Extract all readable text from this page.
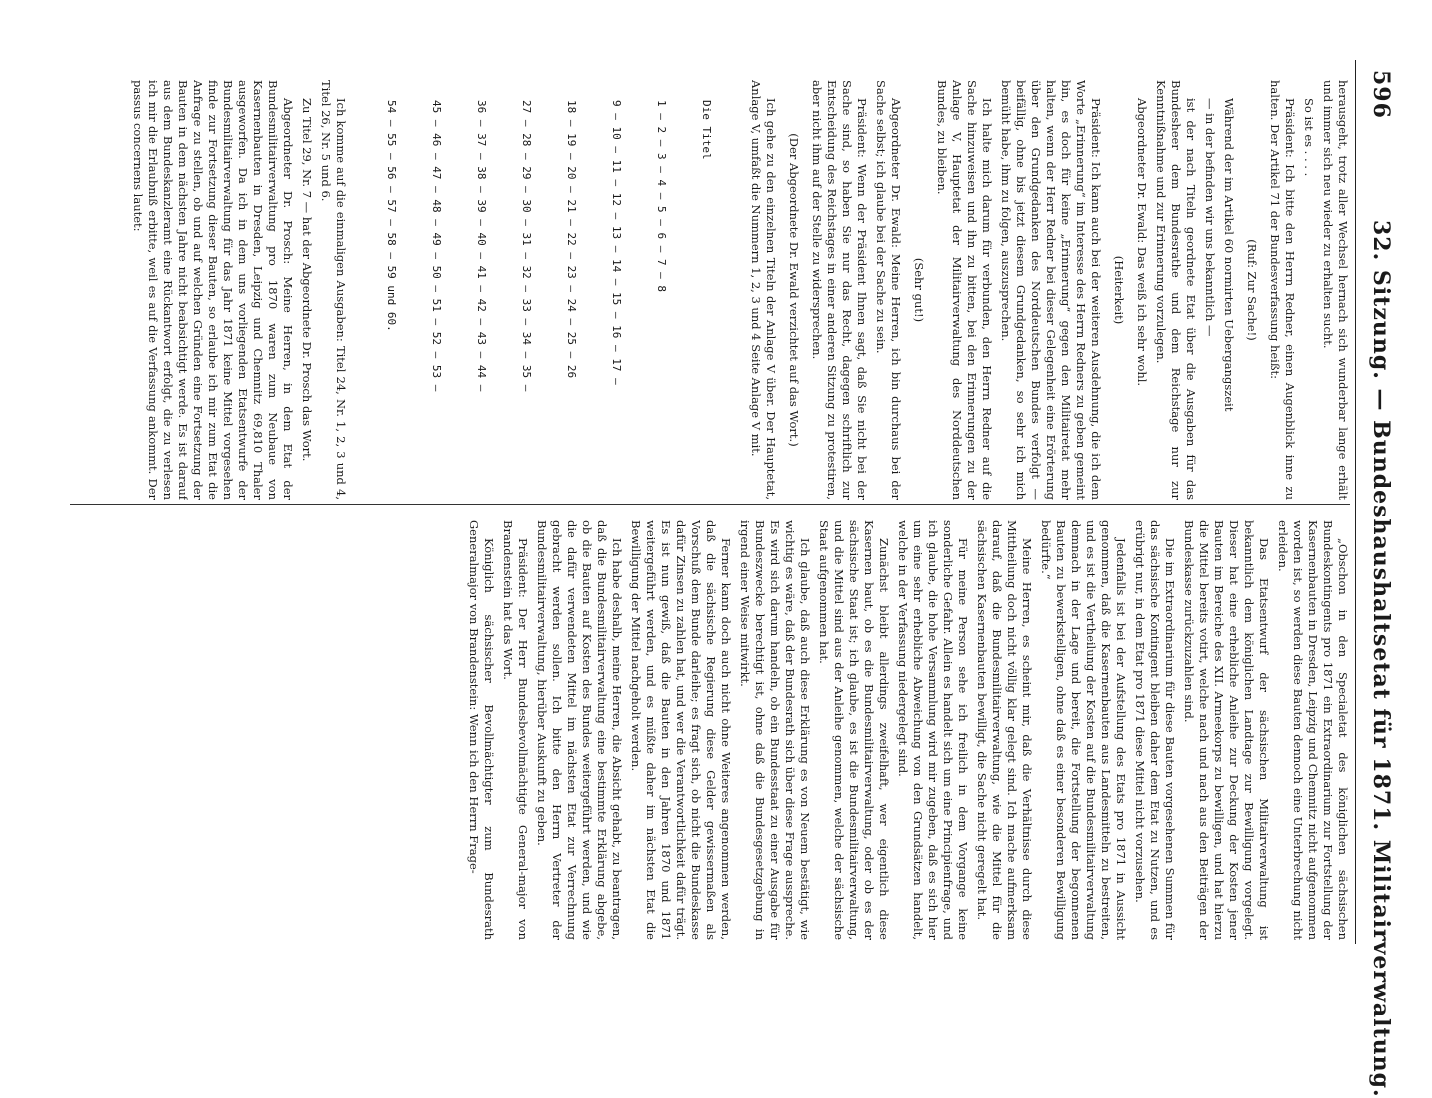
596
32. Sitzung. — Bundeshaushaltsetat für 1871. Militairverwaltung.

herausgeht, trotz aller Wechsel hernach sich wunderbar lange erhält und immer sich neu wieder zu erhalten sucht.

So ist es . . . .

Präsident: Ich bitte den Herrn Redner, einen Augenblick inne zu halten. Der Artikel 71 der Bundesverfassung heißt:

(Ruf: Zur Sache!)

Während der im Artikel 60 normirten Uebergangszeit

— in der befinden wir uns bekanntlich —

ist der nach Titeln geordnete Etat über die Ausgaben für das Bundesheer dem Bundesrathe und dem Reichstage nur zur Kenntnißnahme und zur Erinnerung vorzulegen.

Abgeordneter Dr. Ewald: Das weiß ich sehr wohl.

(Heiterkeit)

Präsident: Ich kann auch bei der weiteren Ausdehnung, die ich dem Worte „Erinnerung“ im Interesse des Herrn Redners zu geben gemeint bin, es doch für keine „Erinnerung“ gegen den Militairetat mehr halten, wenn der Herr Redner bei dieser Gelegenheit eine Erörterung über den Grundgedanken des Norddeutschen Bundes verfolgt — beifällig, ohne bis jetzt diesem Grundgedanken, so sehr ich mich bemüht habe, ihm zu folgen, auszusprechen.

Ich halte mich darum für verbunden, den Herrn Redner auf die Sache hinzuweisen und ihn zu bitten, bei den Erinnerungen zu der Anlage V, Hauptetat der Militairverwaltung des Norddeutschen Bundes, zu bleiben.

(Sehr gut!)

Abgeordneter Dr. Ewald: Meine Herren, ich bin durchaus bei der Sache selbst; ich glaube bei der Sache zu sein.

Präsident: Wenn der Präsident Ihnen sagt, daß Sie nicht bei der Sache sind, so haben Sie nur das Recht, dagegen schriftlich zur Entscheidung des Reichstages in einer anderen Sitzung zu protestiren, aber nicht ihm auf der Stelle zu widersprechen.

(Der Abgeordnete Dr. Ewald verzichtet auf das Wort.)

Ich gehe zu den einzelnen Titeln der Anlage V über. Der Hauptetat, Anlage V, umfaßt die Nummern 1, 2, 3 und 4 Seite Anlage V mit.

Die Titel

1 — 2 — 3 — 4 — 5 — 6 — 7 — 8

9 — 10 — 11 — 12 — 13 — 14 — 15 — 16 — 17 —

18 — 19 — 20 — 21 — 22 — 23 — 24 — 25 — 26

27 — 28 — 29 — 30 — 31 — 32 — 33 — 34 — 35 —

36 — 37 — 38 — 39 — 40 — 41 — 42 — 43 — 44 —

45 — 46 — 47 — 48 — 49 — 50 — 51 — 52 — 53 —

54 — 55 — 56 — 57 — 58 — 59 und 60.

Ich komme auf die einmaligen Ausgaben: Titel 24, Nr. 1, 2, 3 und 4, Titel 26, Nr. 5 und 6.

Zu Titel 29, Nr. 7 — hat der Abgeordnete Dr. Prosch das Wort.

Abgeordneter Dr. Prosch: Meine Herren, in dem Etat der Bundesmilitairverwaltung pro 1870 waren zum Neubaue von Kasernenbauten in Dresden, Leipzig und Chemnitz 69,810 Thaler ausgeworfen. Da ich in dem uns vorliegenden Etatsentwurfe der Bundesmilitairverwaltung für das Jahr 1871 keine Mittel vorgesehen finde zur Fortsetzung dieser Bauten, so erlaube ich mir zum Etat die Anfrage zu stellen, ob und auf welchen Gründen eine Fortsetzung der Bauten in dem nächsten Jahre nicht beabsichtigt werde. Es ist darauf aus dem Bundeskanzleramt eine Rückantwort erfolgt, die zu verlesen ich mir die Erlaubniß erbitte, weil es auf die Verfassung ankommt. Der passus concernens lautet:

„Obschon in den Specialetat des königlichen sächsischen Bundeskontingents pro 1871 ein Extraordinarium zur Fortstellung der Kasernenbauten in Dresden, Leipzig und Chemnitz nicht aufgenommen worden ist, so werden diese Bauten dennoch eine Unterbrechung nicht erleiden.

Das Etatsentwurf der sächsischen Militairverwaltung ist bekanntlich dem königlichen Landtage zur Bewilligung vorgelegt. Dieser hat eine erhebliche Anleihe zur Deckung der Kosten jener Bauten im Bereiche des XII. Armeekorps zu bewilligen, und hat hierzu die Mittel bereits votirt, welche nach und nach aus den Beiträgen der Bundeskasse zurückzuzahlen sind.

Die im Extraordinarium für diese Bauten vorgesehenen Summen für das sächsische Kontingent bleiben daher dem Etat zu Nutzen, und es erübrigt nur, in dem Etat pro 1871 diese Mittel nicht vorzusehen.

Jedenfalls ist bei der Aufstellung des Etats pro 1871 in Aussicht genommen, daß die Kasernenbauten aus Landesmitteln zu bestreiten, und es ist die Vertheilung der Kosten auf die Bundesmilitairverwaltung demnach in der Lage und bereit, die Fortstellung der begonnenen Bauten zu bewerkstelligen, ohne daß es einer besonderen Bewilligung bedürfte.“

Meine Herren, es scheint mir, daß die Verhältnisse durch diese Mittheilung doch nicht völlig klar gelegt sind. Ich mache aufmerksam darauf, daß die Bundesmilitairverwaltung, wie die Mittel für die sächsischen Kasernenbauten bewilligt, die Sache nicht geregelt hat.

Für meine Person sehe ich freilich in dem Vorgange keine sonderliche Gefahr. Allein es handelt sich um eine Principienfrage, und ich glaube, die hohe Versammlung wird mir zugeben, daß es sich hier um eine sehr erhebliche Abweichung von den Grundsätzen handelt, welche in der Verfassung niedergelegt sind.

Zunächst bleibt allerdings zweifelhaft, wer eigentlich diese Kasernen baut, ob es die Bundesmilitairverwaltung, oder ob es der sächsische Staat ist; ich glaube, es ist die Bundesmilitairverwaltung, und die Mittel sind aus der Anleihe genommen, welche der sächsische Staat aufgenommen hat.

Ich glaube, daß auch diese Erklärung es von Neuem bestätigt, wie wichtig es wäre, daß der Bundesrath sich über diese Frage ausspreche. Es wird sich darum handeln, ob ein Bundesstaat zu einer Ausgabe für Bundeszwecke berechtigt ist, ohne daß die Bundesgesetzgebung in irgend einer Weise mitwirkt.

Ferner kann doch auch nicht ohne Weiteres angenommen werden, daß die sächsische Regierung diese Gelder gewissermaßen als Vorschuß dem Bunde darleihe; es fragt sich, ob nicht die Bundeskasse dafür Zinsen zu zahlen hat, und wer die Verantwortlichkeit dafür trägt. Es ist nun gewiß, daß die Bauten in den Jahren 1870 und 1871 weitergeführt werden, und es müßte daher im nächsten Etat die Bewilligung der Mittel nachgeholt werden.

Ich habe deshalb, meine Herren, die Absicht gehabt, zu beantragen, daß die Bundesmilitairverwaltung eine bestimmte Erklärung abgebe, ob die Bauten auf Kosten des Bundes weitergeführt werden, und wie die dafür verwendeten Mittel im nächsten Etat zur Verrechnung gebracht werden sollen. Ich bitte den Herrn Vertreter der Bundesmilitairverwaltung, hierüber Auskunft zu geben.

Präsident: Der Herr Bundesbevollmächtigte General-major von Brandenstein hat das Wort.

Königlich sächsischer Bevollmächtigter zum Bundesrath Generalmajor von Brandenstein: Wenn ich den Herrn Frage-
